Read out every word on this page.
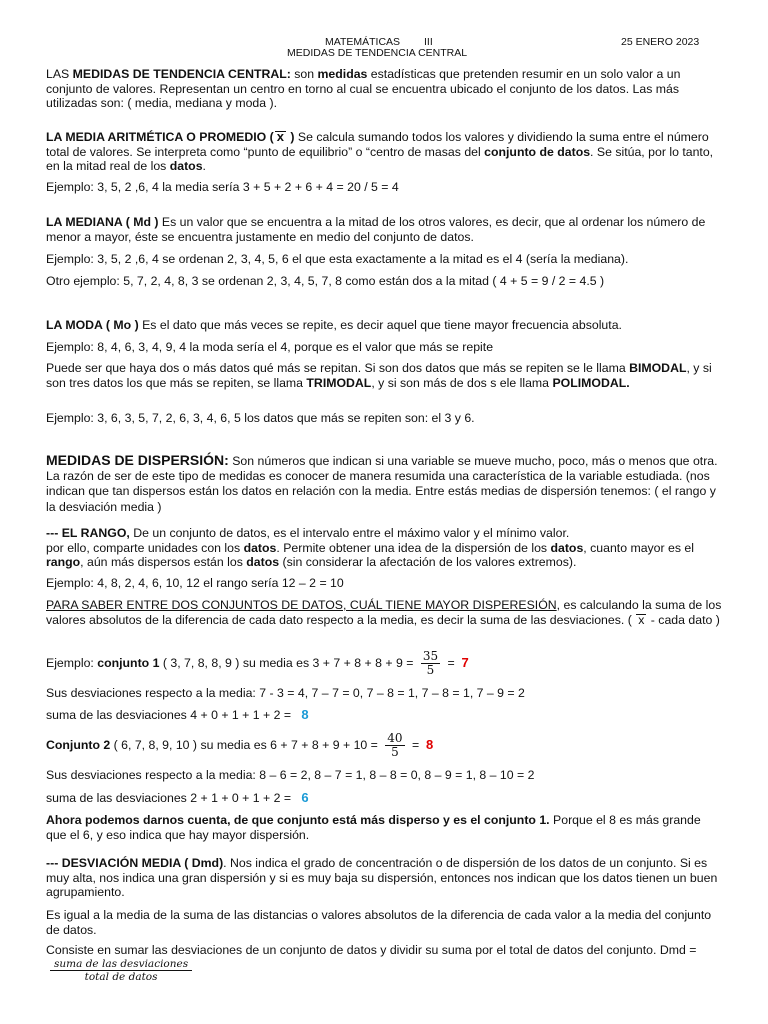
MATEMÁTICAS III	25 ENERO 2023
MEDIDAS DE TENDENCIA CENTRAL

LAS MEDIDAS DE TENDENCIA CENTRAL: son medidas estadísticas que pretenden resumir en un solo valor a un conjunto de valores. Representan un centro en torno al cual se encuentra ubicado el conjunto de los datos. Las más utilizadas son: ( media, mediana y moda ).

LA MEDIA ARITMÉTICA O PROMEDIO ( x ) Se calcula sumando todos los valores y dividiendo la suma entre el número total de valores. Se interpreta como “punto de equilibrio” o “centro de masas del conjunto de datos. Se sitúa, por lo tanto, en la mitad real de los datos.

Ejemplo: 3, 5, 2 ,6, 4 la media sería 3 + 5 + 2 + 6 + 4 = 20 / 5 = 4

LA MEDIANA ( Md ) Es un valor que se encuentra a la mitad de los otros valores, es decir, que al ordenar los número de menor a mayor, éste se encuentra justamente en medio del conjunto de datos.

Ejemplo: 3, 5, 2 ,6, 4 se ordenan 2, 3, 4, 5, 6 el que esta exactamente a la mitad es el 4 (sería la mediana).
Otro ejemplo: 5, 7, 2, 4, 8, 3 se ordenan 2, 3, 4, 5, 7, 8 como están dos a la mitad ( 4 + 5 = 9 / 2 = 4.5 )

LA MODA ( Mo ) Es el dato que más veces se repite, es decir aquel que tiene mayor frecuencia absoluta.

Ejemplo: 8, 4, 6, 3, 4, 9, 4 la moda sería el 4, porque es el valor que más se repite

Puede ser que haya dos o más datos qué más se repitan. Si son dos datos que más se repiten se le llama BIMODAL, y si son tres datos los que más se repiten, se llama TRIMODAL, y si son más de dos s ele llama POLIMODAL.

Ejemplo: 3, 6, 3, 5, 7, 2, 6, 3, 4, 6, 5 los datos que más se repiten son: el 3 y 6.

MEDIDAS DE DISPERSIÓN: Son números que indican si una variable se mueve mucho, poco, más o menos que otra. La razón de ser de este tipo de medidas es conocer de manera resumida una característica de la variable estudiada. (nos indican que tan dispersos están los datos en relación con la media. Entre estás medias de dispersión tenemos: ( el rango y la desviación media )

--- EL RANGO, De un conjunto de datos, es el intervalo entre el máximo valor y el mínimo valor.

por ello, comparte unidades con los datos. Permite obtener una idea de la dispersión de los datos, cuanto mayor es el rango, aún más dispersos están los datos (sin considerar la afectación de los valores extremos).

Ejemplo: 4, 8, 2, 4, 6, 10, 12 el rango sería 12 – 2 = 10

PARA SABER ENTRE DOS CONJUNTOS DE DATOS, CUÁL TIENE MAYOR DISPERESIÓN, es calculando la suma de los valores absolutos de la diferencia de cada dato respecto a la media, es decir la suma de las desviaciones. ( x - cada dato )

Ejemplo: conjunto 1 ( 3, 7, 8, 8, 9 ) su media es $3 + 7 + 8 + 8 + 9 = \frac{35}{5} = 7$
Sus desviaciones respecto a la media: 7 - 3 = 4, 7 – 7 = 0, 7 – 8 = 1, 7 – 8 = 1, 7 – 9 = 2
suma de las desviaciones 4 + 0 + 1 + 1 + 2 = 8
Conjunto 2 ( 6, 7, 8, 9, 10 ) su media es $6 + 7 + 8 + 9 + 10 = \frac{40}{5} = 8$
Sus desviaciones respecto a la media: 8 – 6 = 2, 8 – 7 = 1, 8 – 8 = 0, 8 – 9 = 1, 8 – 10 = 2
suma de las desviaciones 2 + 1 + 0 + 1 + 2 = 6

Ahora podemos darnos cuenta, de que conjunto está más disperso y es el conjunto 1. Porque el 8 es más grande que el 6, y eso indica que hay mayor dispersión.

--- DESVIACIÓN MEDIA ( Dmd). Nos indica el grado de concentración o de dispersión de los datos de un conjunto. Si es muy alta, nos indica una gran dispersión y si es muy baja su dispersión, entonces nos indican que los datos tienen un buen agrupamiento.

Es igual a la media de la suma de las distancias o valores absolutos de la diferencia de cada valor a la media del conjunto de datos.
Consiste en sumar las desviaciones de un conjunto de datos y dividir su suma por el total de datos del conjunto. Dmd =
$\frac{\text{suma de las desviaciones}}{\text{total de datos}}$
